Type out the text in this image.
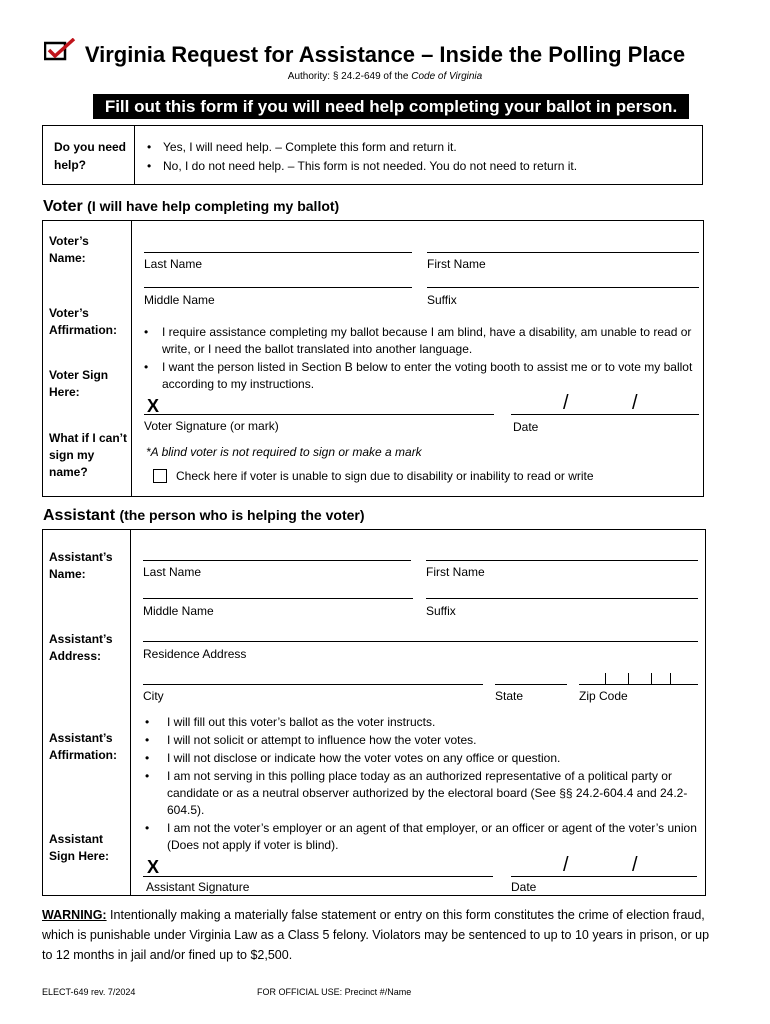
Virginia Request for Assistance – Inside the Polling Place
Authority: § 24.2-649 of the Code of Virginia
Fill out this form if you will need help completing your ballot in person.
Do you need help?
• Yes, I will need help. – Complete this form and return it.
• No, I do not need help. – This form is not needed. You do not need to return it.
Voter (I will have help completing my ballot)
Voter’s Name:	Last Name	First Name
Middle Name	Suffix
Voter’s Affirmation:	• I require assistance completing my ballot because I am blind, have a disability, am unable to read or write, or I need the ballot translated into another language.
• I want the person listed in Section B below to enter the voting booth to assist me or to vote my ballot according to my instructions.
Voter Sign Here:
X	/	/
Voter Signature (or mark)	Date
What if I can’t sign my name?
*A blind voter is not required to sign or make a mark
Check here if voter is unable to sign due to disability or inability to read or write
Assistant (the person who is helping the voter)
Assistant’s Name:	Last Name	First Name
Middle Name	Suffix
Assistant’s Address:	Residence Address
City	State	Zip Code
• I will fill out this voter’s ballot as the voter instructs.
Assistant’s Affirmation:
• I will not solicit or attempt to influence how the voter votes.
• I will not disclose or indicate how the voter votes on any office or question.
• I am not serving in this polling place today as an authorized representative of a political party or candidate or as a neutral observer authorized by the electoral board (See §§ 24.2-604.4 and 24.2-604.5).
• I am not the voter’s employer or an agent of that employer, or an officer or agent of the voter’s union (Does not apply if voter is blind).
Assistant Sign Here:
X	/	/
Assistant Signature	Date
WARNING: Intentionally making a materially false statement or entry on this form constitutes the crime of election fraud, which is punishable under Virginia Law as a Class 5 felony. Violators may be sentenced to up to 10 years in prison, or up to 12 months in jail and/or fined up to $2,500.
ELECT-649 rev. 7/2024	FOR OFFICIAL USE: Precinct #/Name
